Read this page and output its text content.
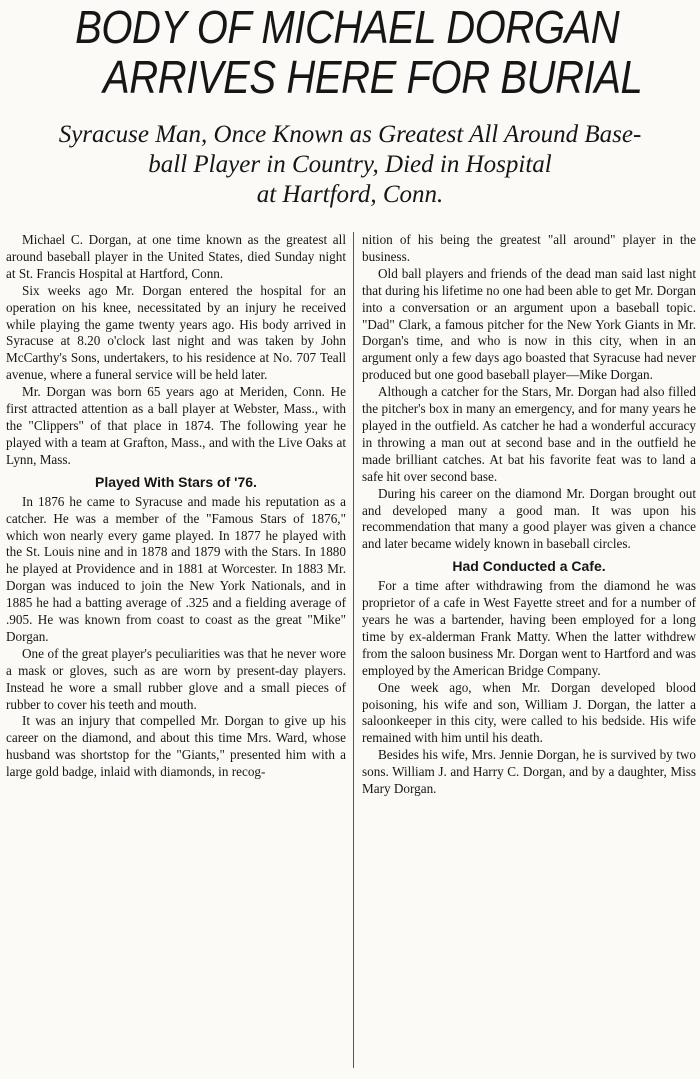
BODY OF MICHAEL DORGAN
ARRIVES HERE FOR BURIAL
Syracuse Man, Once Known as Greatest All Around Base-
ball Player in Country, Died in Hospital
at Hartford, Conn.

Michael C. Dorgan, at one time known as the greatest all around baseball player in the United States, died Sunday night at St. Francis Hospital at Hartford, Conn.

Six weeks ago Mr. Dorgan entered the hospital for an operation on his knee, necessitated by an injury he received while playing the game twenty years ago. His body arrived in Syracuse at 8.20 o'clock last night and was taken by John McCarthy's Sons, undertakers, to his residence at No. 707 Teall avenue, where a funeral service will be held later.

Mr. Dorgan was born 65 years ago at Meriden, Conn. He first attracted attention as a ball player at Webster, Mass., with the "Clippers" of that place in 1874. The following year he played with a team at Grafton, Mass., and with the Live Oaks at Lynn, Mass.

Played With Stars of '76.

In 1876 he came to Syracuse and made his reputation as a catcher. He was a member of the "Famous Stars of 1876," which won nearly every game played. In 1877 he played with the St. Louis nine and in 1878 and 1879 with the Stars. In 1880 he played at Providence and in 1881 at Worcester. In 1883 Mr. Dorgan was induced to join the New York Nationals, and in 1885 he had a batting average of .325 and a fielding average of .905. He was known from coast to coast as the great "Mike" Dorgan.

One of the great player's peculiarities was that he never wore a mask or gloves, such as are worn by present-day players. Instead he wore a small rubber glove and a small pieces of rubber to cover his teeth and mouth.

It was an injury that compelled Mr. Dorgan to give up his career on the diamond, and about this time Mrs. Ward, whose husband was shortstop for the "Giants," presented him with a large gold badge, inlaid with diamonds, in recog-

nition of his being the greatest "all around" player in the business.

Old ball players and friends of the dead man said last night that during his lifetime no one had been able to get Mr. Dorgan into a conversation or an argument upon a baseball topic. "Dad" Clark, a famous pitcher for the New York Giants in Mr. Dorgan's time, and who is now in this city, when in an argument only a few days ago boasted that Syracuse had never produced but one good baseball player—Mike Dorgan.

Although a catcher for the Stars, Mr. Dorgan had also filled the pitcher's box in many an emergency, and for many years he played in the outfield. As catcher he had a wonderful accuracy in throwing a man out at second base and in the outfield he made brilliant catches. At bat his favorite feat was to land a safe hit over second base.

During his career on the diamond Mr. Dorgan brought out and developed many a good man. It was upon his recommendation that many a good player was given a chance and later became widely known in baseball circles.

Had Conducted a Cafe.

For a time after withdrawing from the diamond he was proprietor of a cafe in West Fayette street and for a number of years he was a bartender, having been employed for a long time by ex-alderman Frank Matty. When the latter withdrew from the saloon business Mr. Dorgan went to Hartford and was employed by the American Bridge Company.

One week ago, when Mr. Dorgan developed blood poisoning, his wife and son, William J. Dorgan, the latter a saloonkeeper in this city, were called to his bedside. His wife remained with him until his death.

Besides his wife, Mrs. Jennie Dorgan, he is survived by two sons. William J. and Harry C. Dorgan, and by a daughter, Miss Mary Dorgan.
